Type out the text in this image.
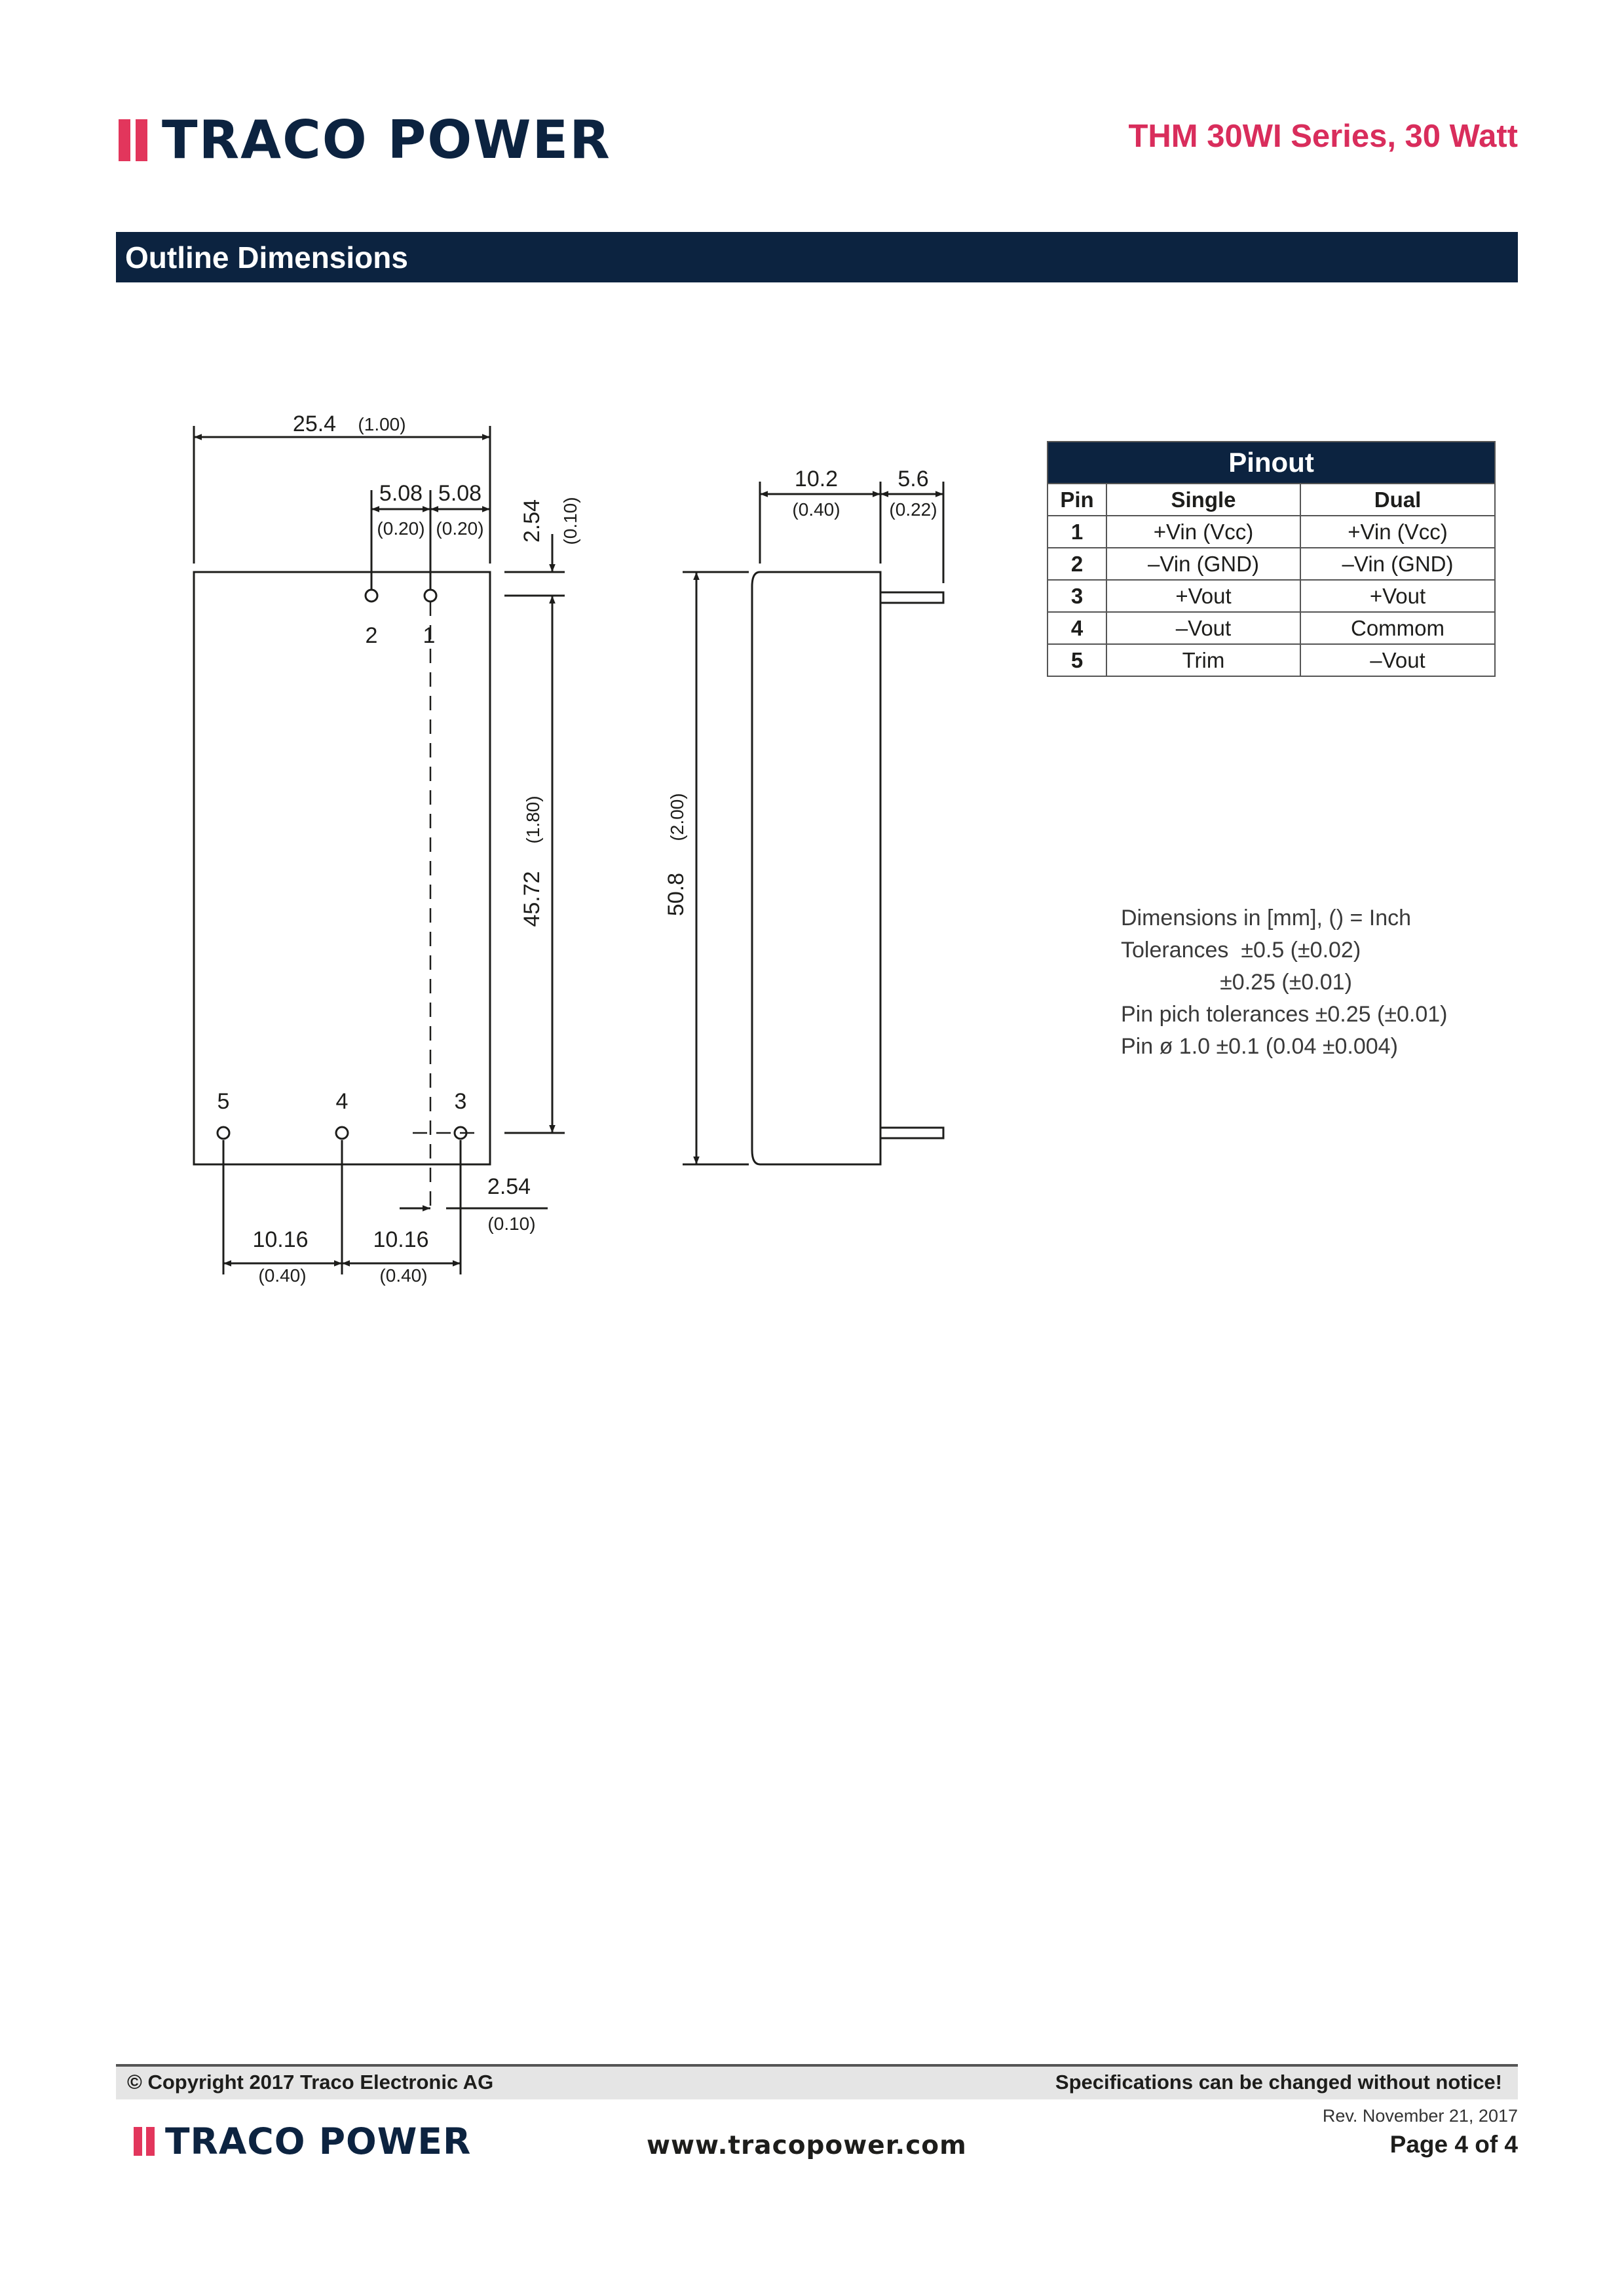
TRACO POWER	THM 30WI Series, 30 Watt
Outline Dimensions
2 1
5	4	3
25.4 (1.00)
5.08 5.08
(0.20) (0.20) 2.54 (0.10)
45.72
(1.80)
50.8
(2.00)
10.2
(0.40)
5.6
(0.22)
2.54
(0.10)
10.16	10.16
(0.40)	(0.40)
Pinout		
Pin	Single	Dual
1	+Vin (Vcc)	+Vin (Vcc)
2	–Vin (GND)	–Vin (GND)
3	+Vout	+Vout
4	–Vout	Commom
5	Trim	–Vout
Dimensions in [mm], () = Inch
Tolerances  ±0.5 (±0.02)
±0.25 (±0.01)
Pin pich tolerances ±0.25 (±0.01)
Pin ø 1.0 ±0.1 (0.04 ±0.004)
© Copyright 2017 Traco Electronic AG	Specifications can be changed without notice!
Rev. November 21, 2017
Page 4 of 4
www.tracopower.com
TRACO POWER
